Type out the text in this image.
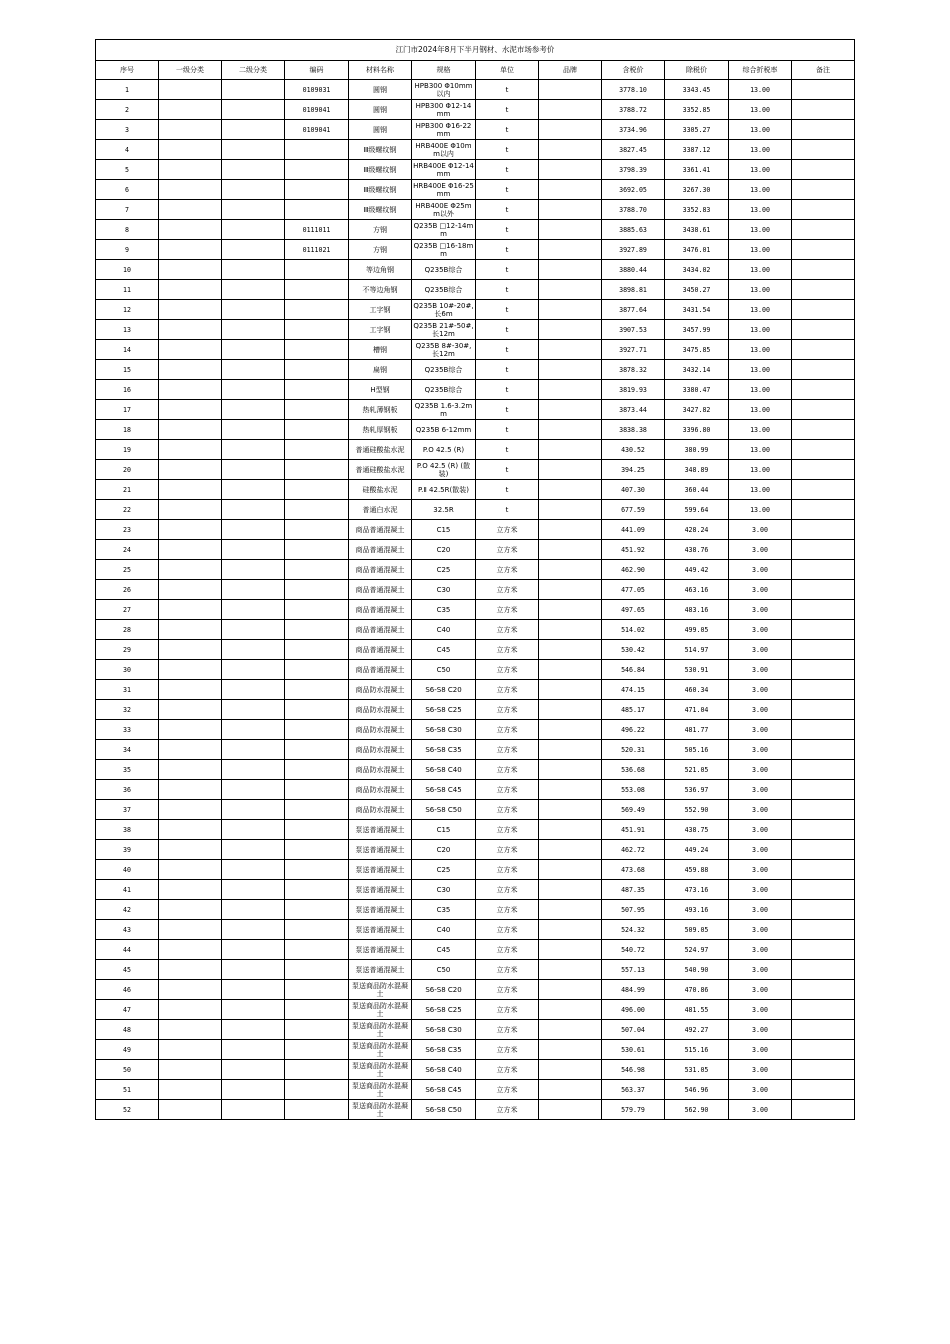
江门市2024年8月下半月钢材、水泥市场参考价											
序号	一级分类	二级分类	编码	材料名称	规格	单位	品牌	含税价	除税价	综合折税率	备注
1			0109031	圆钢	HPB300 Φ10mm以内	t		3778.10	3343.45	13.00	
2			0109041	圆钢	HPB300 Φ12-14mm	t		3788.72	3352.85	13.00	
3			0109041	圆钢	HPB300 Φ16-22mm	t		3734.96	3305.27	13.00	
4				Ⅲ级螺纹钢	HRB400E Φ10mm以内	t		3827.45	3387.12	13.00	
5				Ⅲ级螺纹钢	HRB400E Φ12-14mm	t		3798.39	3361.41	13.00	
6				Ⅲ级螺纹钢	HRB400E Φ16-25mm	t		3692.05	3267.30	13.00	
7				Ⅲ级螺纹钢	HRB400E Φ25mm以外	t		3788.70	3352.83	13.00	
8			0111011	方钢	Q235B □12-14mm	t		3885.63	3438.61	13.00	
9			0111021	方钢	Q235B □16-18mm	t		3927.89	3476.01	13.00	
10				等边角钢	Q235B综合	t		3880.44	3434.02	13.00	
11				不等边角钢	Q235B综合	t		3898.81	3450.27	13.00	
12				工字钢	Q235B 10#-20#,长6m	t		3877.64	3431.54	13.00	
13				工字钢	Q235B 21#-50#,长12m	t		3907.53	3457.99	13.00	
14				槽钢	Q235B 8#-30#,长12m	t		3927.71	3475.85	13.00	
15				扁钢	Q235B综合	t		3878.32	3432.14	13.00	
16				H型钢	Q235B综合	t		3819.93	3380.47	13.00	
17				热轧薄钢板	Q235B 1.6-3.2mm	t		3873.44	3427.82	13.00	
18				热轧厚钢板	Q235B 6-12mm	t		3838.38	3396.80	13.00	
19				普通硅酸盐水泥	P.O 42.5 (R)	t		430.52	380.99	13.00	
20				普通硅酸盐水泥	P.O 42.5 (R) (散装)	t		394.25	348.89	13.00	
21				硅酸盐水泥	P.Ⅱ 42.5R(散装)	t		407.30	360.44	13.00	
22				普通白水泥	32.5R	t		677.59	599.64	13.00	
23				商品普通混凝土	C15	立方米		441.09	428.24	3.00	
24				商品普通混凝土	C20	立方米		451.92	438.76	3.00	
25				商品普通混凝土	C25	立方米		462.90	449.42	3.00	
26				商品普通混凝土	C30	立方米		477.05	463.16	3.00	
27				商品普通混凝土	C35	立方米		497.65	483.16	3.00	
28				商品普通混凝土	C40	立方米		514.02	499.05	3.00	
29				商品普通混凝土	C45	立方米		530.42	514.97	3.00	
30				商品普通混凝土	C50	立方米		546.84	530.91	3.00	
31				商品防水混凝土	S6-S8 C20	立方米		474.15	460.34	3.00	
32				商品防水混凝土	S6-S8 C25	立方米		485.17	471.04	3.00	
33				商品防水混凝土	S6-S8 C30	立方米		496.22	481.77	3.00	
34				商品防水混凝土	S6-S8 C35	立方米		520.31	505.16	3.00	
35				商品防水混凝土	S6-S8 C40	立方米		536.68	521.05	3.00	
36				商品防水混凝土	S6-S8 C45	立方米		553.08	536.97	3.00	
37				商品防水混凝土	S6-S8 C50	立方米		569.49	552.90	3.00	
38				泵送普通混凝土	C15	立方米		451.91	438.75	3.00	
39				泵送普通混凝土	C20	立方米		462.72	449.24	3.00	
40				泵送普通混凝土	C25	立方米		473.68	459.88	3.00	
41				泵送普通混凝土	C30	立方米		487.35	473.16	3.00	
42				泵送普通混凝土	C35	立方米		507.95	493.16	3.00	
43				泵送普通混凝土	C40	立方米		524.32	509.05	3.00	
44				泵送普通混凝土	C45	立方米		540.72	524.97	3.00	
45				泵送普通混凝土	C50	立方米		557.13	540.90	3.00	
46				泵送商品防水混凝土	S6-S8 C20	立方米		484.99	470.86	3.00	
47				泵送商品防水混凝土	S6-S8 C25	立方米		496.00	481.55	3.00	
48				泵送商品防水混凝土	S6-S8 C30	立方米		507.04	492.27	3.00	
49				泵送商品防水混凝土	S6-S8 C35	立方米		530.61	515.16	3.00	
50				泵送商品防水混凝土	S6-S8 C40	立方米		546.98	531.05	3.00	
51				泵送商品防水混凝土	S6-S8 C45	立方米		563.37	546.96	3.00	
52				泵送商品防水混凝土	S6-S8 C50	立方米		579.79	562.90	3.00	
